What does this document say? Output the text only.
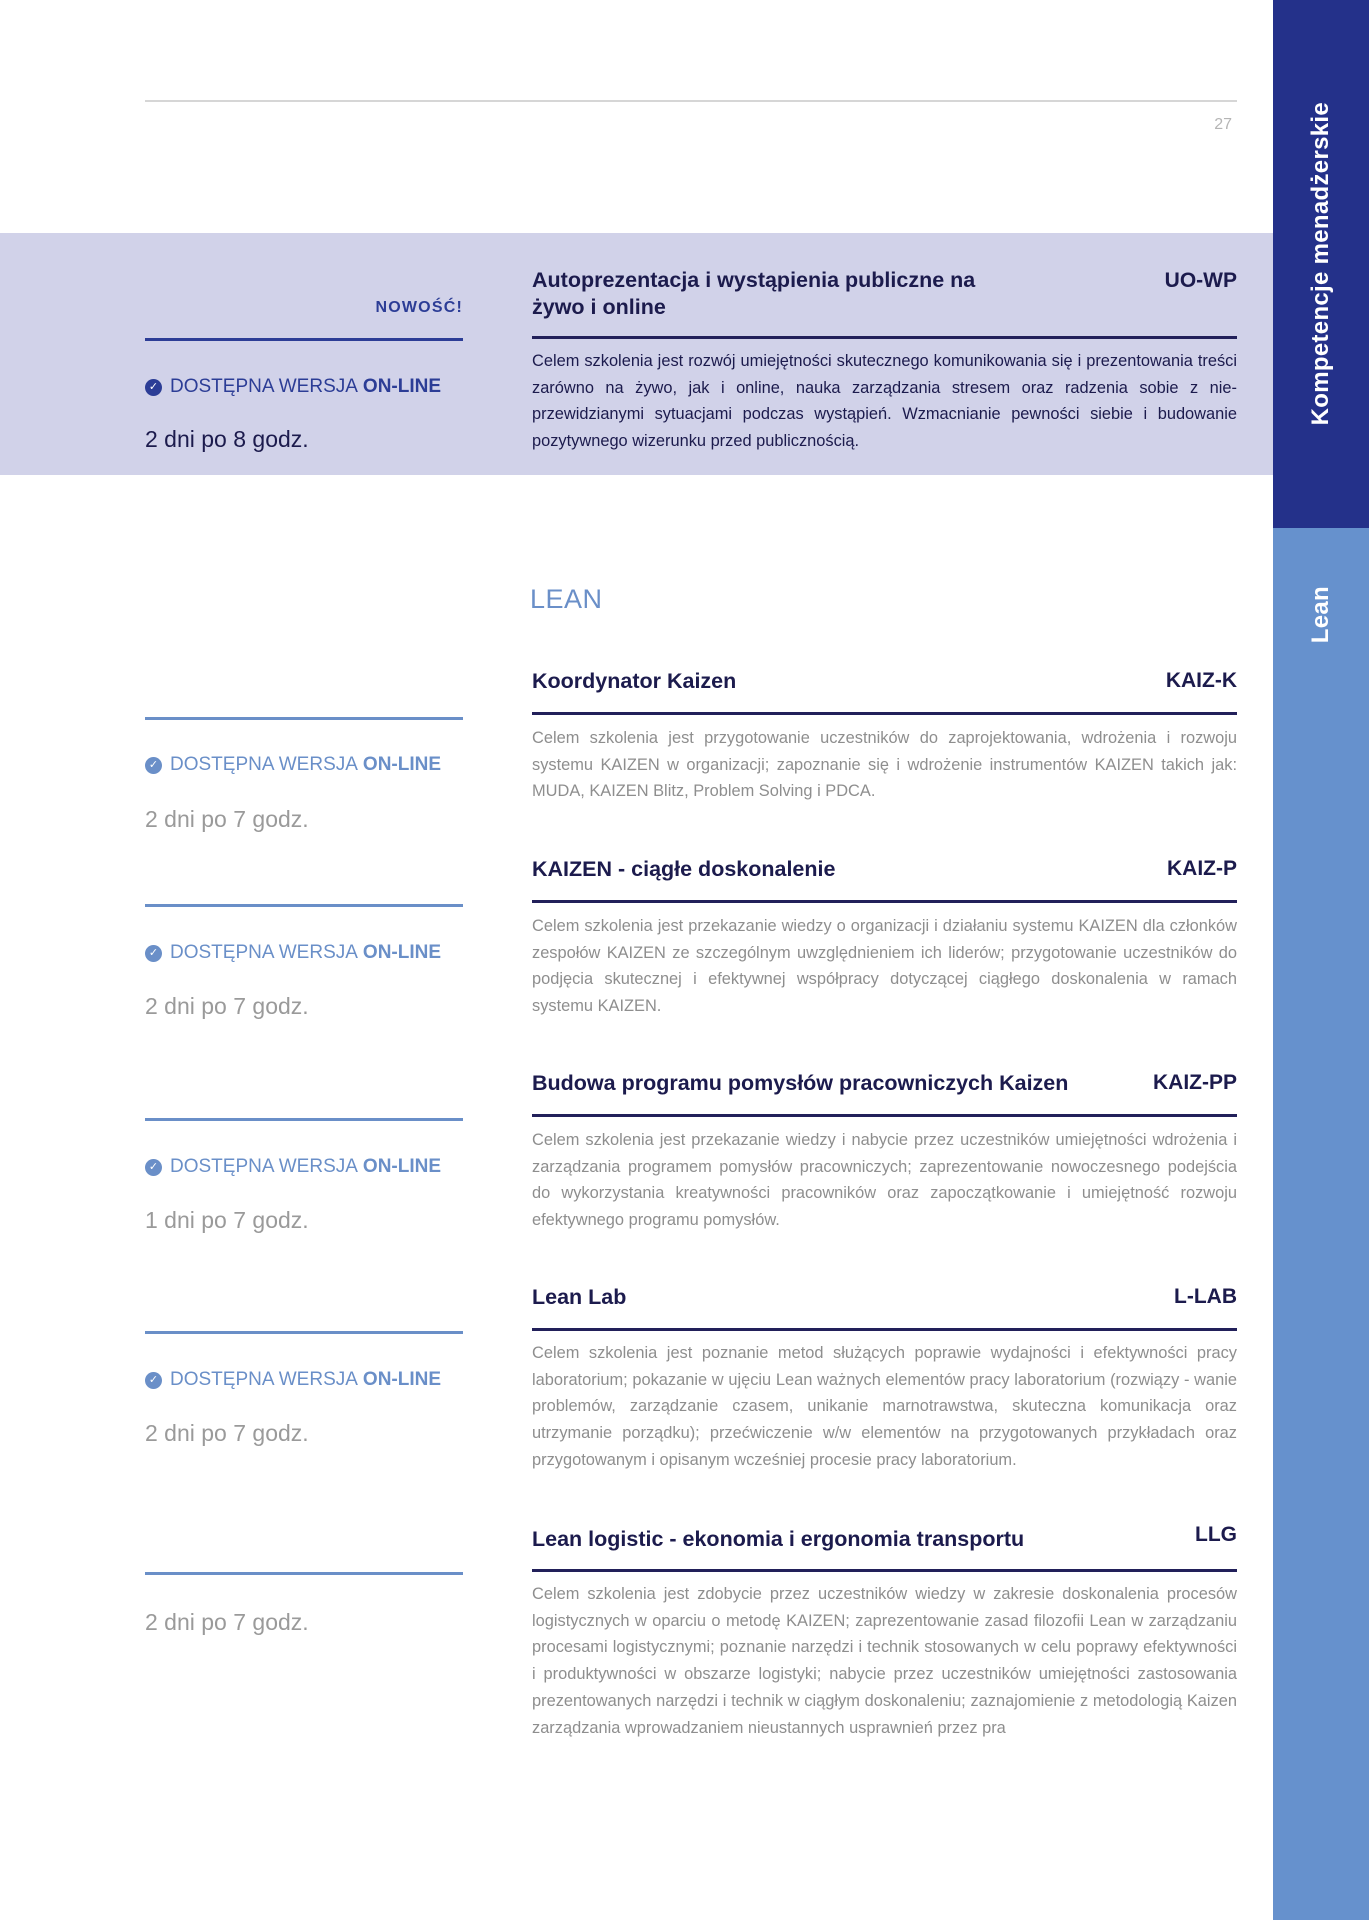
27	Kompetencje menadżerskie
Lean
NOWOŚĆ!
✓ DOSTĘPNA WERSJA ON-LINE
2 dni po 8 godz.
Autoprezentacja i wystąpienia publiczne na żywo i online
UO-WP
Celem szkolenia jest rozwój umiejętności skutecznego komunikowania się i prezentowania treści zarówno na żywo, jak i online, nauka zarządzania stresem oraz radzenia sobie z nieprzewidzianymi sytuacjami podczas wystąpień. Wzmacnianie pewności siebie i budowanie pozytywnego wizerunku przed publicznością.
LEAN
✓ DOSTĘPNA WERSJA ON-LINE
2 dni po 7 godz.
Koordynator Kaizen	KAIZ-K
Celem szkolenia jest przygotowanie uczestników do zaprojektowania, wdrożenia i rozwoju systemu KAIZEN w organizacji; zapoznanie się i wdrożenie instrumentów KAIZEN takich jak: MUDA, KAIZEN Blitz, Problem Solving i PDCA.
✓ DOSTĘPNA WERSJA ON-LINE
2 dni po 7 godz.
KAIZEN - ciągłe doskonalenie	KAIZ-P
Celem szkolenia jest przekazanie wiedzy o organizacji i działaniu systemu KAIZEN dla członków zespołów KAIZEN ze szczególnym uwzględnieniem ich liderów; przygotowanie uczestników do podjęcia skutecznej i efektywnej współpracy dotyczącej ciągłego doskonalenia w ramach systemu KAIZEN.
✓ DOSTĘPNA WERSJA ON-LINE
1 dni po 7 godz.
Budowa programu pomysłów pracowniczych Kaizen	KAIZ-PP
Celem szkolenia jest przekazanie wiedzy i nabycie przez uczestników umiejętności wdrożenia i zarządzania programem pomysłów pracowniczych; zaprezentowanie nowoczesnego podejścia do wykorzystania kreatywności pracowników oraz zapoczątkowanie i umiejętność rozwoju efektywnego programu pomysłów.
✓ DOSTĘPNA WERSJA ON-LINE
2 dni po 7 godz.
Lean Lab	L-LAB
Celem szkolenia jest poznanie metod służących poprawie wydajności i efektywności pracy laboratorium; pokazanie w ujęciu Lean ważnych elementów pracy laboratorium (rozwiązy - wanie problemów, zarządzanie czasem, unikanie marnotrawstwa, skuteczna komunikacja oraz utrzymanie porządku); przećwiczenie w/w elementów na przygotowanych przykładach oraz przygotowanym i opisanym wcześniej procesie pracy laboratorium.
2 dni po 7 godz.
Lean logistic - ekonomia i ergonomia transportu	LLG
Celem szkolenia jest zdobycie przez uczestników wiedzy w zakresie doskonalenia procesów logistycznych w oparciu o metodę KAIZEN; zaprezentowanie zasad filozofii Lean w zarządzaniu procesami logistycznymi; poznanie narzędzi i technik stosowanych w celu poprawy efektywności i produktywności w obszarze logistyki; nabycie przez uczestników umiejętności zastosowania prezentowanych narzędzi i technik w ciągłym doskonaleniu; zaznajomienie z metodologią Kaizen zarządzania wprowadzaniem nieustannych usprawnień przez pra
